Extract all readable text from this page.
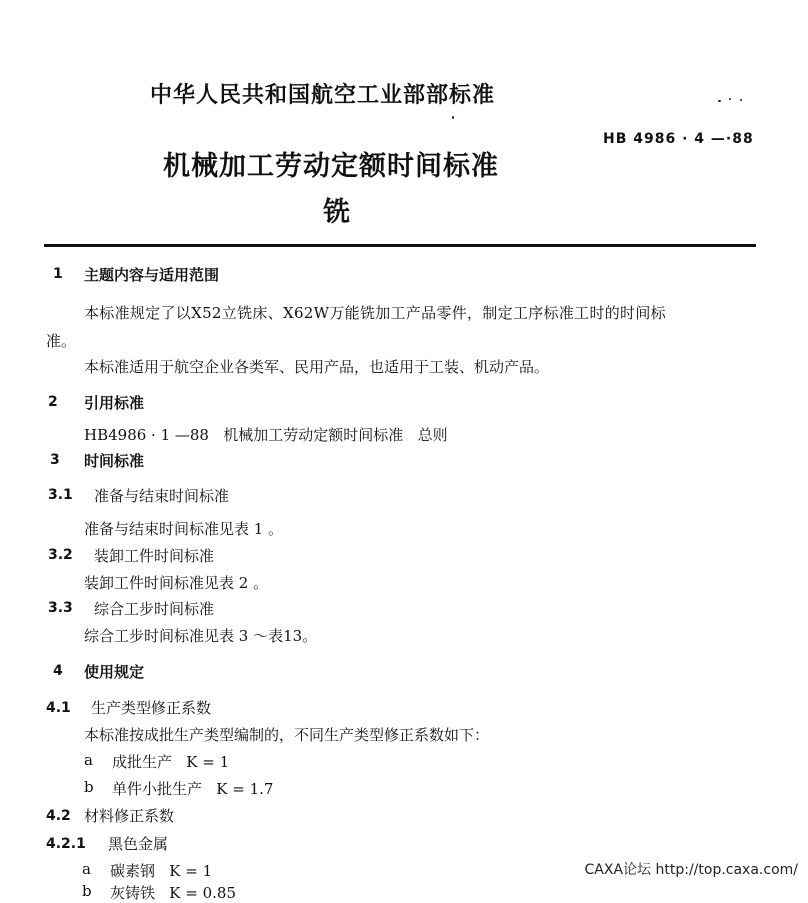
中华人民共和国航空工业部部标准
HB 4986 · 4 —·88
机械加工劳动定额时间标准
铣
1 主题内容与适用范围
本标准规定了以X52立铣床、X62W万能铣加工产品零件，制定工序标准工时的时间标
准。
本标准适用于航空企业各类军、民用产品，也适用于工装、机动产品。
2 引用标准
HB4986 · 1 —88   机械加工劳动定额时间标准   总则
3 时间标准
3.1 准备与结束时间标准
准备与结束时间标准见表 1 。
3.2 装卸工件时间标准
装卸工件时间标准见表 2 。
3.3 综合工步时间标准
综合工步时间标准见表 3 ～表13。
4 使用规定
4.1 生产类型修正系数
本标准按成批生产类型编制的，不同生产类型修正系数如下：
a 成批生产   K = 1
b 单件小批生产   K = 1.7
4.2 材料修正系数
4.2.1 黑色金属
a 碳素钢   K = 1
b 灰铸铁   K = 0.85
CAXA论坛 http://top.caxa.com/
